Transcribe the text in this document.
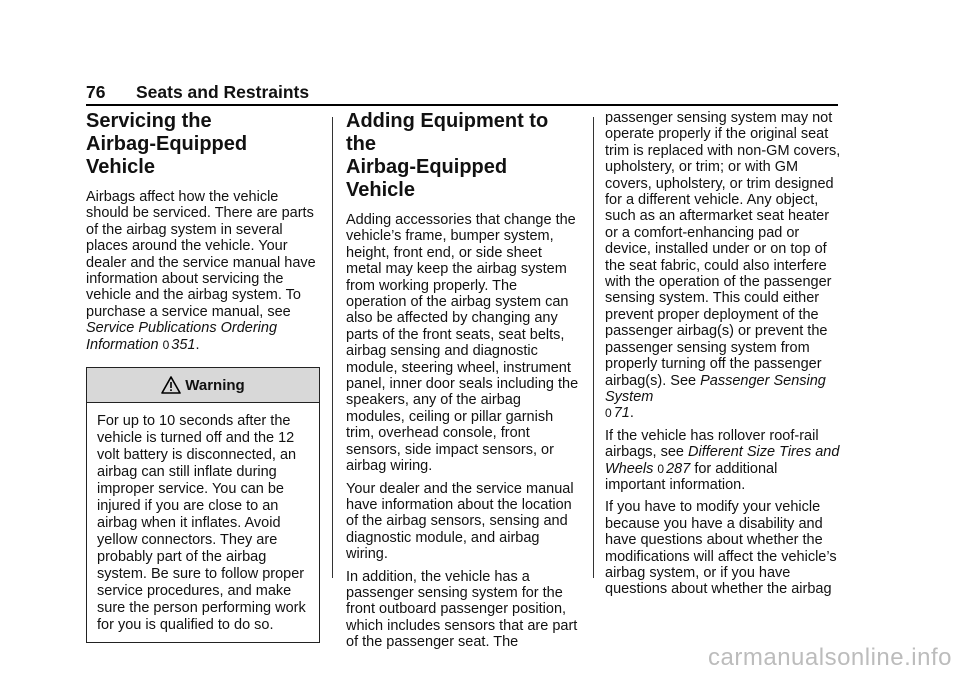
76 Seats and Restraints
Servicing the
Airbag-Equipped Vehicle

Airbags affect how the vehicle should be serviced. There are parts of the airbag system in several places around the vehicle. Your dealer and the service manual have information about servicing the vehicle and the airbag system. To purchase a service manual, see
Service Publications Ordering Information 0 351.

Warning
For up to 10 seconds after the vehicle is turned off and the 12 volt battery is disconnected, an airbag can still inflate during improper service. You can be injured if you are close to an airbag when it inflates. Avoid yellow connectors. They are probably part of the airbag system. Be sure to follow proper service procedures, and make sure the person performing work for you is qualified to do so.
Adding Equipment to the
Airbag-Equipped Vehicle

Adding accessories that change the vehicle’s frame, bumper system, height, front end, or side sheet metal may keep the airbag system from working properly. The operation of the airbag system can also be affected by changing any parts of the front seats, seat belts, airbag sensing and diagnostic module, steering wheel, instrument panel, inner door seals including the speakers, any of the airbag modules, ceiling or pillar garnish trim, overhead console, front sensors, side impact sensors, or airbag wiring.

Your dealer and the service manual have information about the location of the airbag sensors, sensing and diagnostic module, and airbag wiring.

In addition, the vehicle has a passenger sensing system for the front outboard passenger position, which includes sensors that are part of the passenger seat. The

passenger sensing system may not operate properly if the original seat trim is replaced with non-GM covers, upholstery, or trim; or with GM covers, upholstery, or trim designed for a different vehicle. Any object, such as an aftermarket seat heater or a comfort-enhancing pad or device, installed under or on top of the seat fabric, could also interfere with the operation of the passenger sensing system. This could either prevent proper deployment of the passenger airbag(s) or prevent the passenger sensing system from properly turning off the passenger airbag(s). See Passenger Sensing System
0 71.

If the vehicle has rollover roof-rail airbags, see Different Size Tires and Wheels 0 287 for additional important information.

If you have to modify your vehicle because you have a disability and have questions about whether the modifications will affect the vehicle’s airbag system, or if you have questions about whether the airbag

carmanualsonline.info
